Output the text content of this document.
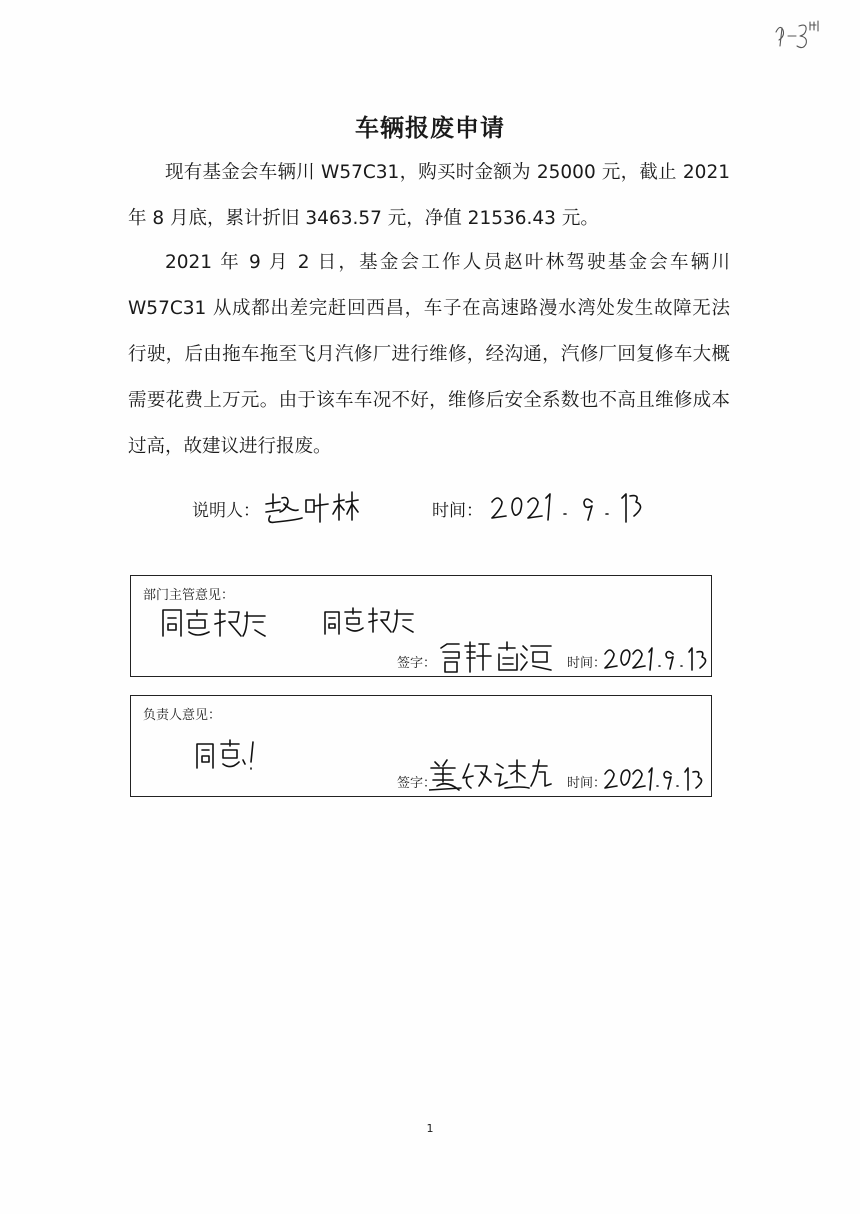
车辆报废申请

现有基金会车辆川 W57C31，购买时金额为 25000 元，截止 2021 年 8 月底，累计折旧 3463.57 元，净值 21536.43 元。

2021 年 9 月 2 日，基金会工作人员赵叶林驾驶基金会车辆川 W57C31 从成都出差完赶回西昌，车子在高速路漫水湾处发生故障无法行驶，后由拖车拖至飞月汽修厂进行维修，经沟通，汽修厂回复修车大概需要花费上万元。由于该车车况不好，维修后安全系数也不高且维修成本过高，故建议进行报废。

说明人：	时间：
部门主管意见：
签字：	时间：
负责人意见：
签字：	时间：
1
